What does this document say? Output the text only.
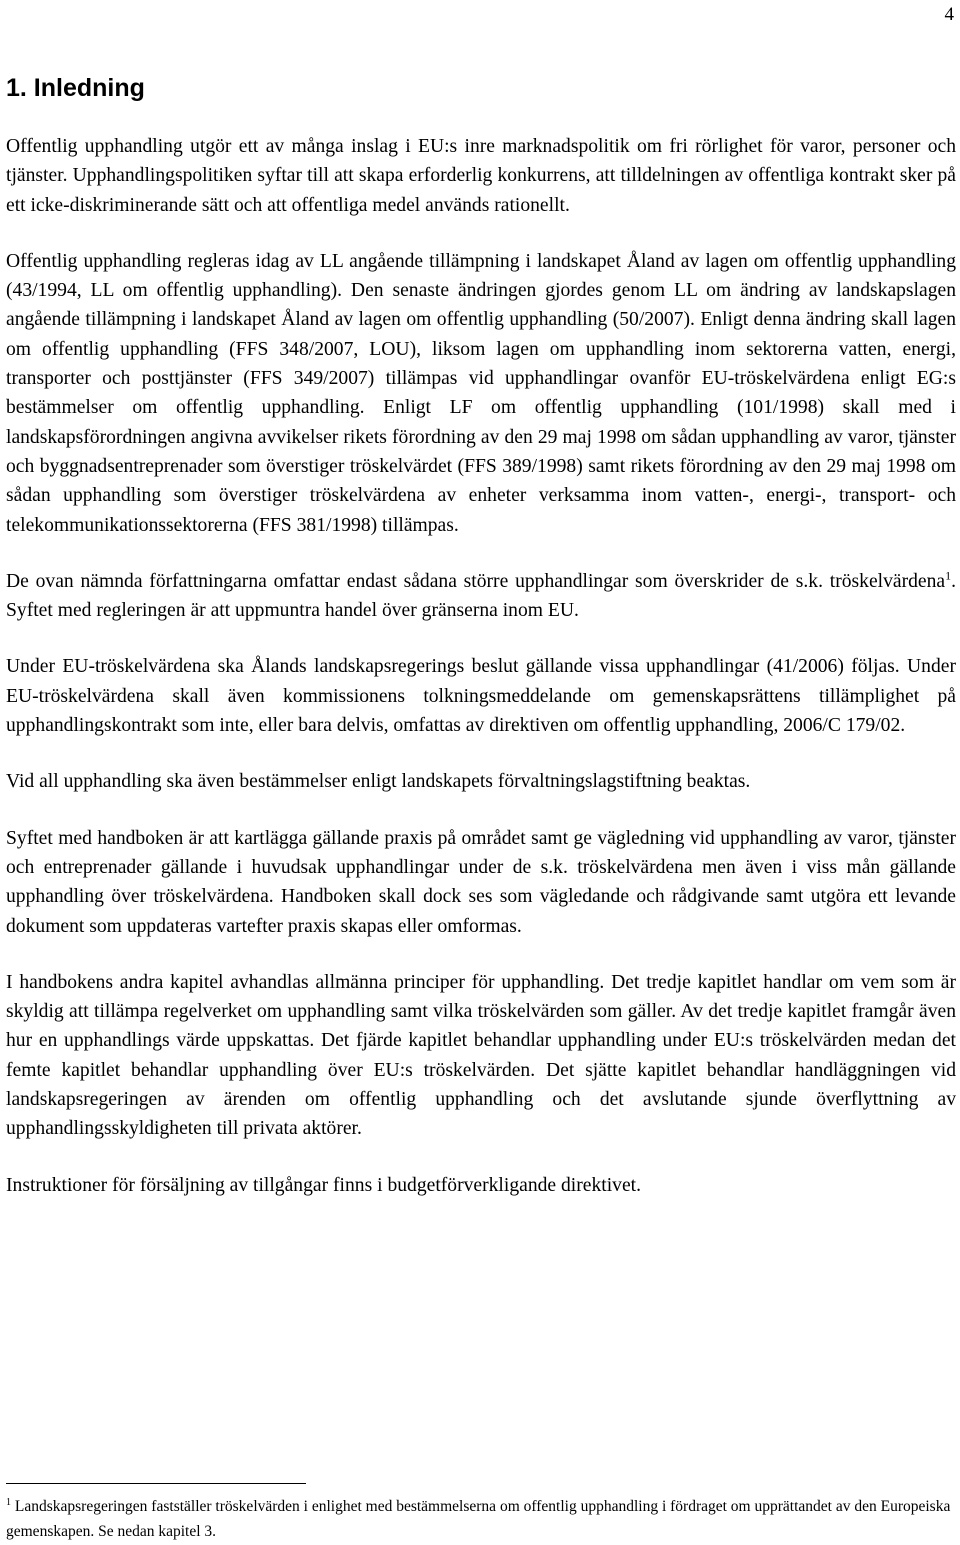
4
1. Inledning

Offentlig upphandling utgör ett av många inslag i EU:s inre marknadspolitik om fri rörlighet för varor, personer och tjänster. Upphandlingspolitiken syftar till att skapa erforderlig konkurrens, att tilldelningen av offentliga kontrakt sker på ett icke-diskriminerande sätt och att offentliga medel används rationellt.

Offentlig upphandling regleras idag av LL angående tillämpning i landskapet Åland av lagen om offentlig upphandling (43/1994, LL om offentlig upphandling). Den senaste ändringen gjordes genom LL om ändring av landskapslagen angående tillämpning i landskapet Åland av lagen om offentlig upphandling (50/2007). Enligt denna ändring skall lagen om offentlig upphandling (FFS 348/2007, LOU), liksom lagen om upphandling inom sektorerna vatten, energi, transporter och posttjänster (FFS 349/2007) tillämpas vid upphandlingar ovanför EU-tröskelvärdena enligt EG:s bestämmelser om offentlig upphandling. Enligt LF om offentlig upphandling (101/1998) skall med i landskapsförordningen angivna avvikelser rikets förordning av den 29 maj 1998 om sådan upphandling av varor, tjänster och byggnadsentreprenader som överstiger tröskelvärdet (FFS 389/1998) samt rikets förordning av den 29 maj 1998 om sådan upphandling som överstiger tröskelvärdena av enheter verksamma inom vatten-, energi-, transport- och telekommunikationssektorerna (FFS 381/1998) tillämpas.

De ovan nämnda författningarna omfattar endast sådana större upphandlingar som överskrider de s.k. tröskelvärdena$^1$. Syftet med regleringen är att uppmuntra handel över gränserna inom EU.

Under EU-tröskelvärdena ska Ålands landskapsregerings beslut gällande vissa upphandlingar (41/2006) följas. Under EU-tröskelvärdena skall även kommissionens tolkningsmeddelande om gemenskapsrättens tillämplighet på upphandlingskontrakt som inte, eller bara delvis, omfattas av direktiven om offentlig upphandling, 2006/C 179/02.

Vid all upphandling ska även bestämmelser enligt landskapets förvaltningslagstiftning beaktas.

Syftet med handboken är att kartlägga gällande praxis på området samt ge vägledning vid upphandling av varor, tjänster och entreprenader gällande i huvudsak upphandlingar under de s.k. tröskelvärdena men även i viss mån gällande upphandling över tröskelvärdena. Handboken skall dock ses som vägledande och rådgivande samt utgöra ett levande dokument som uppdateras vartefter praxis skapas eller omformas.

I handbokens andra kapitel avhandlas allmänna principer för upphandling. Det tredje kapitlet handlar om vem som är skyldig att tillämpa regelverket om upphandling samt vilka tröskelvärden som gäller. Av det tredje kapitlet framgår även hur en upphandlings värde uppskattas. Det fjärde kapitlet behandlar upphandling under EU:s tröskelvärden medan det femte kapitlet behandlar upphandling över EU:s tröskelvärden. Det sjätte kapitlet behandlar handläggningen vid landskapsregeringen av ärenden om offentlig upphandling och det avslutande sjunde överflyttning av upphandlingsskyldigheten till privata aktörer.

Instruktioner för försäljning av tillgångar finns i budgetförverkligande direktivet.

$^1$ Landskapsregeringen fastställer tröskelvärden i enlighet med bestämmelserna om offentlig upphandling i fördraget om upprättandet av den Europeiska gemenskapen. Se nedan kapitel 3.
